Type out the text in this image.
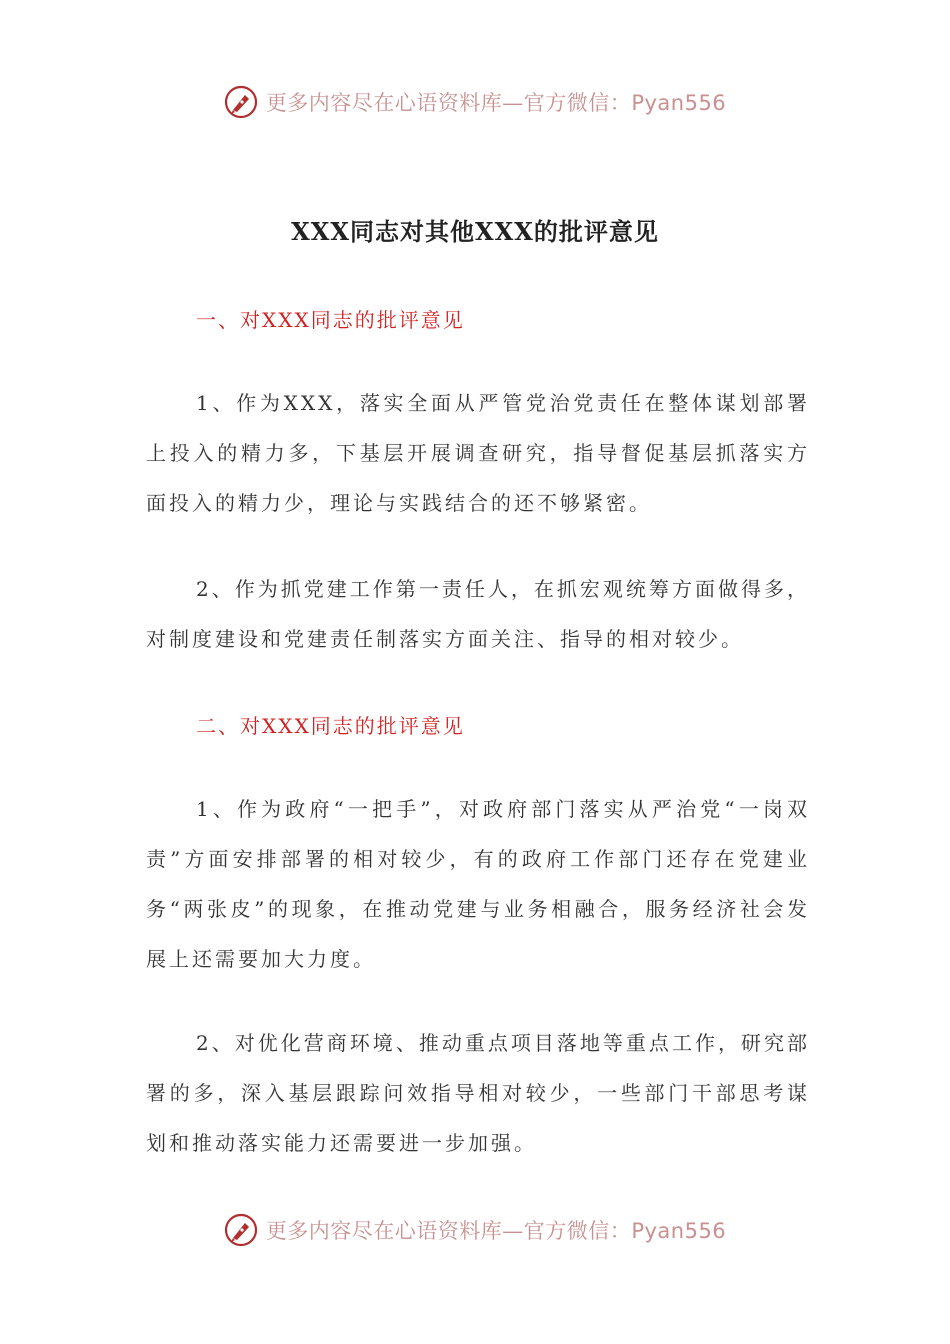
更多内容尽在心语资料库—官方微信：Pyan556
XXX同志对其他XXX的批评意见
一、对XXX同志的批评意见
1、作为XXX，落实全面从严管党治党责任在整体谋划部署上投入的精力多，下基层开展调查研究，指导督促基层抓落实方面投入的精力少，理论与实践结合的还不够紧密。
2、作为抓党建工作第一责任人，在抓宏观统筹方面做得多，对制度建设和党建责任制落实方面关注、指导的相对较少。
二、对XXX同志的批评意见
1、作为政府“一把手”，对政府部门落实从严治党“一岗双责”方面安排部署的相对较少，有的政府工作部门还存在党建业务“两张皮”的现象，在推动党建与业务相融合，服务经济社会发展上还需要加大力度。
2、对优化营商环境、推动重点项目落地等重点工作，研究部署的多，深入基层跟踪问效指导相对较少，一些部门干部思考谋划和推动落实能力还需要进一步加强。
更多内容尽在心语资料库—官方微信：Pyan556
